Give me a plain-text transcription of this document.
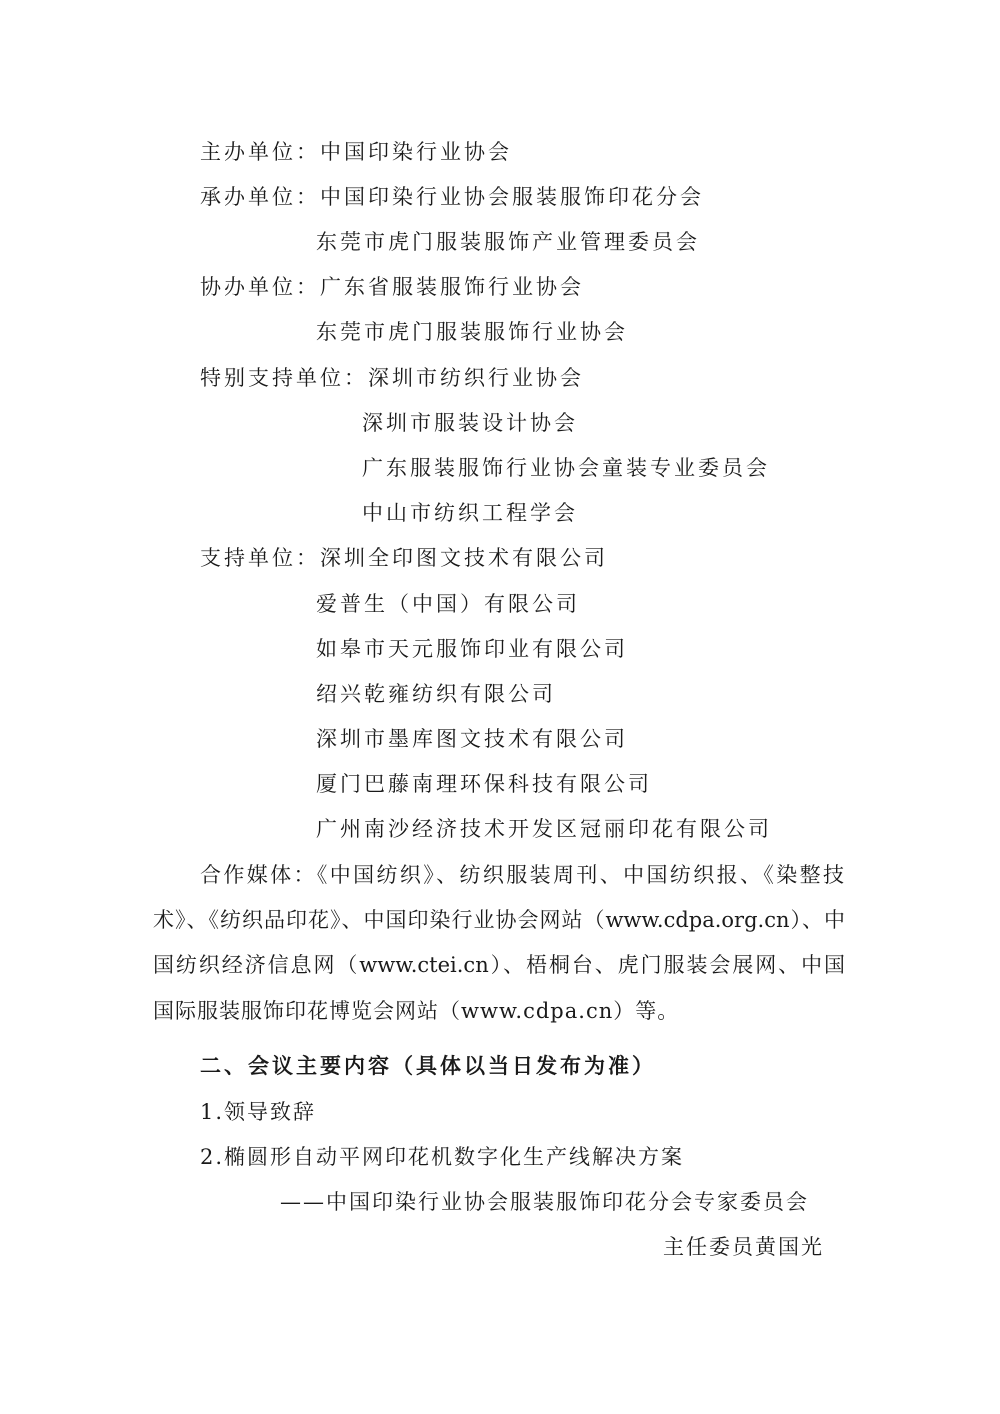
主办单位：中国印染行业协会
承办单位：中国印染行业协会服装服饰印花分会
东莞市虎门服装服饰产业管理委员会
协办单位：广东省服装服饰行业协会
东莞市虎门服装服饰行业协会
特别支持单位：深圳市纺织行业协会
深圳市服装设计协会
广东服装服饰行业协会童装专业委员会
中山市纺织工程学会
支持单位：深圳全印图文技术有限公司
爱普生（中国）有限公司
如皋市天元服饰印业有限公司
绍兴乾雍纺织有限公司
深圳市墨库图文技术有限公司
厦门巴藤南理环保科技有限公司
广州南沙经济技术开发区冠丽印花有限公司
合作媒体：《中国纺织》、纺织服装周刊、中国纺织报、《染整技
术》、《纺织品印花》、中国印染行业协会网站（www.cdpa.org.cn）、中
国纺织经济信息网（www.ctei.cn）、梧桐台、虎门服装会展网、中国
国际服装服饰印花博览会网站（www.cdpa.cn）等。
二、会议主要内容（具体以当日发布为准）
1.领导致辞
2.椭圆形自动平网印花机数字化生产线解决方案
——中国印染行业协会服装服饰印花分会专家委员会
主任委员黄国光
